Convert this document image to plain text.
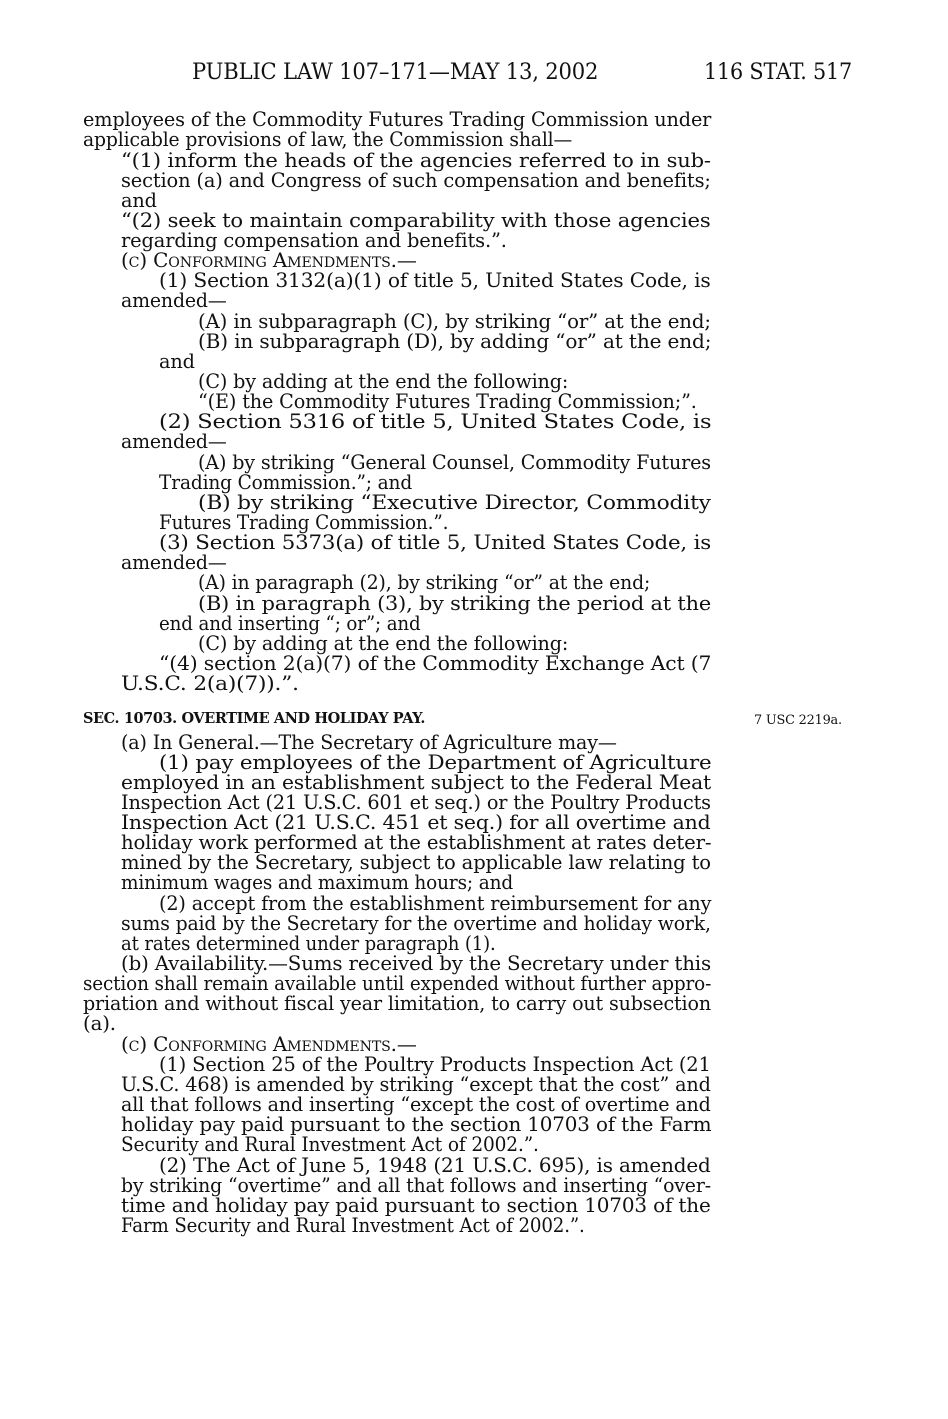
PUBLIC LAW 107–171—MAY 13, 2002	116 STAT. 517
employees of the Commodity Futures Trading Commission under
applicable provisions of law, the Commission shall—
“(1) inform the heads of the agencies referred to in sub-
section (a) and Congress of such compensation and benefits;
and
“(2) seek to maintain comparability with those agencies
regarding compensation and benefits.”.
(c) Conforming Amendments.—
(1) Section 3132(a)(1) of title 5, United States Code, is
amended—
(A) in subparagraph (C), by striking “or” at the end;
(B) in subparagraph (D), by adding “or” at the end;
and
(C) by adding at the end the following:
“(E) the Commodity Futures Trading Commission;”.
(2) Section 5316 of title 5, United States Code, is
amended—
(A) by striking “General Counsel, Commodity Futures
Trading Commission.”; and
(B) by striking “Executive Director, Commodity
Futures Trading Commission.”.
(3) Section 5373(a) of title 5, United States Code, is
amended—
(A) in paragraph (2), by striking “or” at the end;
(B) in paragraph (3), by striking the period at the
end and inserting “; or”; and
(C) by adding at the end the following:
“(4) section 2(a)(7) of the Commodity Exchange Act (7
U.S.C. 2(a)(7)).”.
SEC. 10703. OVERTIME AND HOLIDAY PAY.	7 USC 2219a.
(a) In General.—The Secretary of Agriculture may—
(1) pay employees of the Department of Agriculture
employed in an establishment subject to the Federal Meat
Inspection Act (21 U.S.C. 601 et seq.) or the Poultry Products
Inspection Act (21 U.S.C. 451 et seq.) for all overtime and
holiday work performed at the establishment at rates deter-
mined by the Secretary, subject to applicable law relating to
minimum wages and maximum hours; and
(2) accept from the establishment reimbursement for any
sums paid by the Secretary for the overtime and holiday work,
at rates determined under paragraph (1).
(b) Availability.—Sums received by the Secretary under this
section shall remain available until expended without further appro-
priation and without fiscal year limitation, to carry out subsection
(a).
(c) Conforming Amendments.—
(1) Section 25 of the Poultry Products Inspection Act (21
U.S.C. 468) is amended by striking “except that the cost” and
all that follows and inserting “except the cost of overtime and
holiday pay paid pursuant to the section 10703 of the Farm
Security and Rural Investment Act of 2002.”.
(2) The Act of June 5, 1948 (21 U.S.C. 695), is amended
by striking “overtime” and all that follows and inserting “over-
time and holiday pay paid pursuant to section 10703 of the
Farm Security and Rural Investment Act of 2002.”.
